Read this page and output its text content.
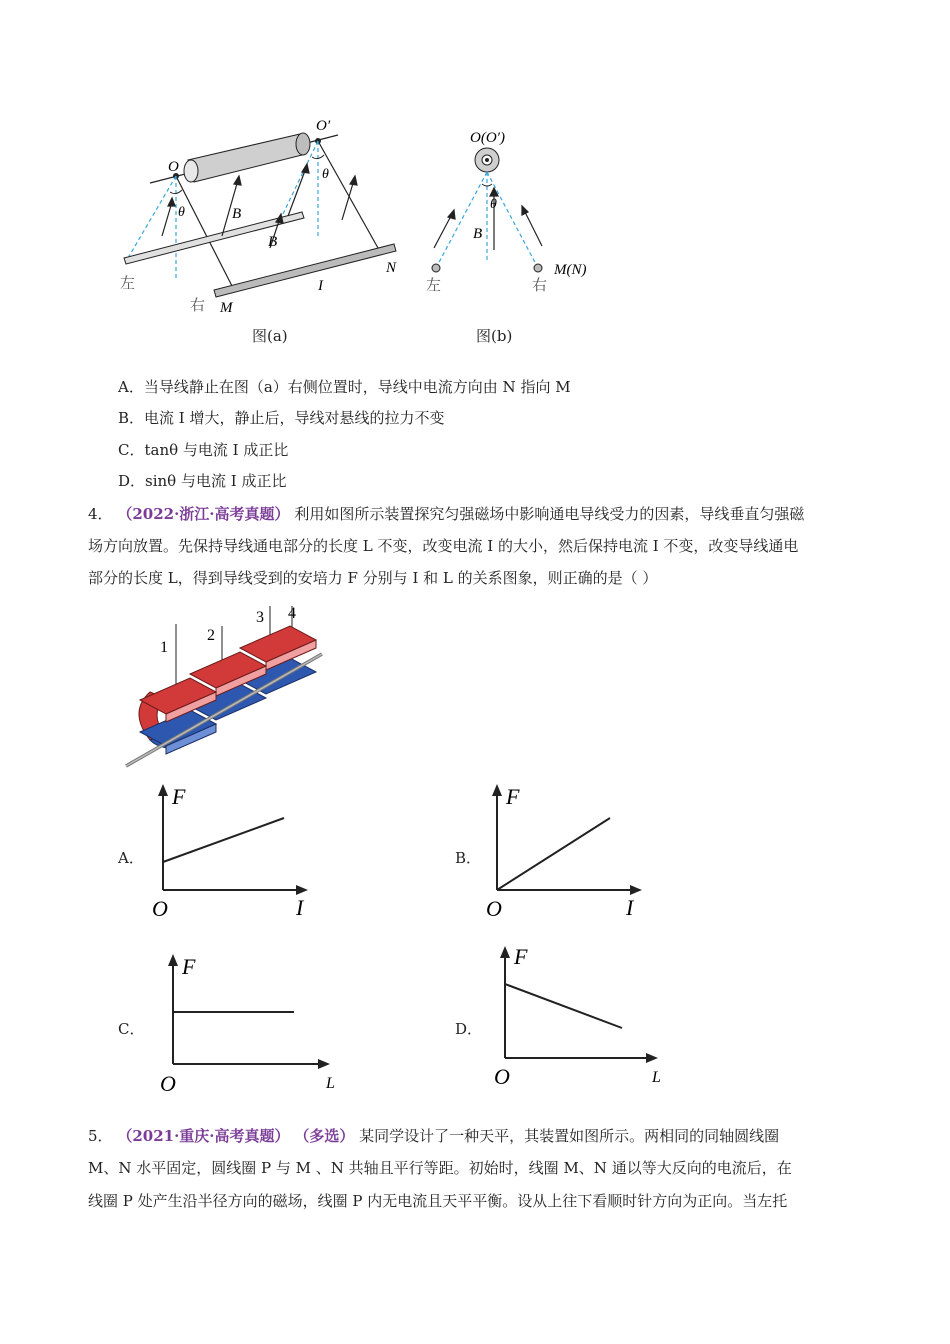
O
O′
θ
θ
B
B
N
M
I
左
右
图(a)
O(O′)
θ
B
左	右
M(N)
图(b)
A．当导线静止在图（a）右侧位置时，导线中电流方向由 N 指向 M
B．电流 I 增大，静止后，导线对悬线的拉力不变
C．tanθ 与电流 I 成正比
D．sinθ 与电流 I 成正比
4． （2022·浙江·高考真题） 利用如图所示装置探究匀强磁场中影响通电导线受力的因素，导线垂直匀强磁
场方向放置。先保持导线通电部分的长度 L 不变，改变电流 I 的大小，然后保持电流 I 不变，改变导线通电
部分的长度 L，得到导线受到的安培力 F 分别与 I 和 L 的关系图象，则正确的是（ ）
1
2
3 4
A．
F
I
O
B．
F
I
O
C．
F
L
O
D．
F
L
O
5． （2021·重庆·高考真题） （多选） 某同学设计了一种天平，其装置如图所示。两相同的同轴圆线圈
M、N 水平固定，圆线圈 P 与 M 、N 共轴且平行等距。初始时，线圈 M、N 通以等大反向的电流后，在
线圈 P 处产生沿半径方向的磁场，线圈 P 内无电流且天平平衡。设从上往下看顺时针方向为正向。当左托
